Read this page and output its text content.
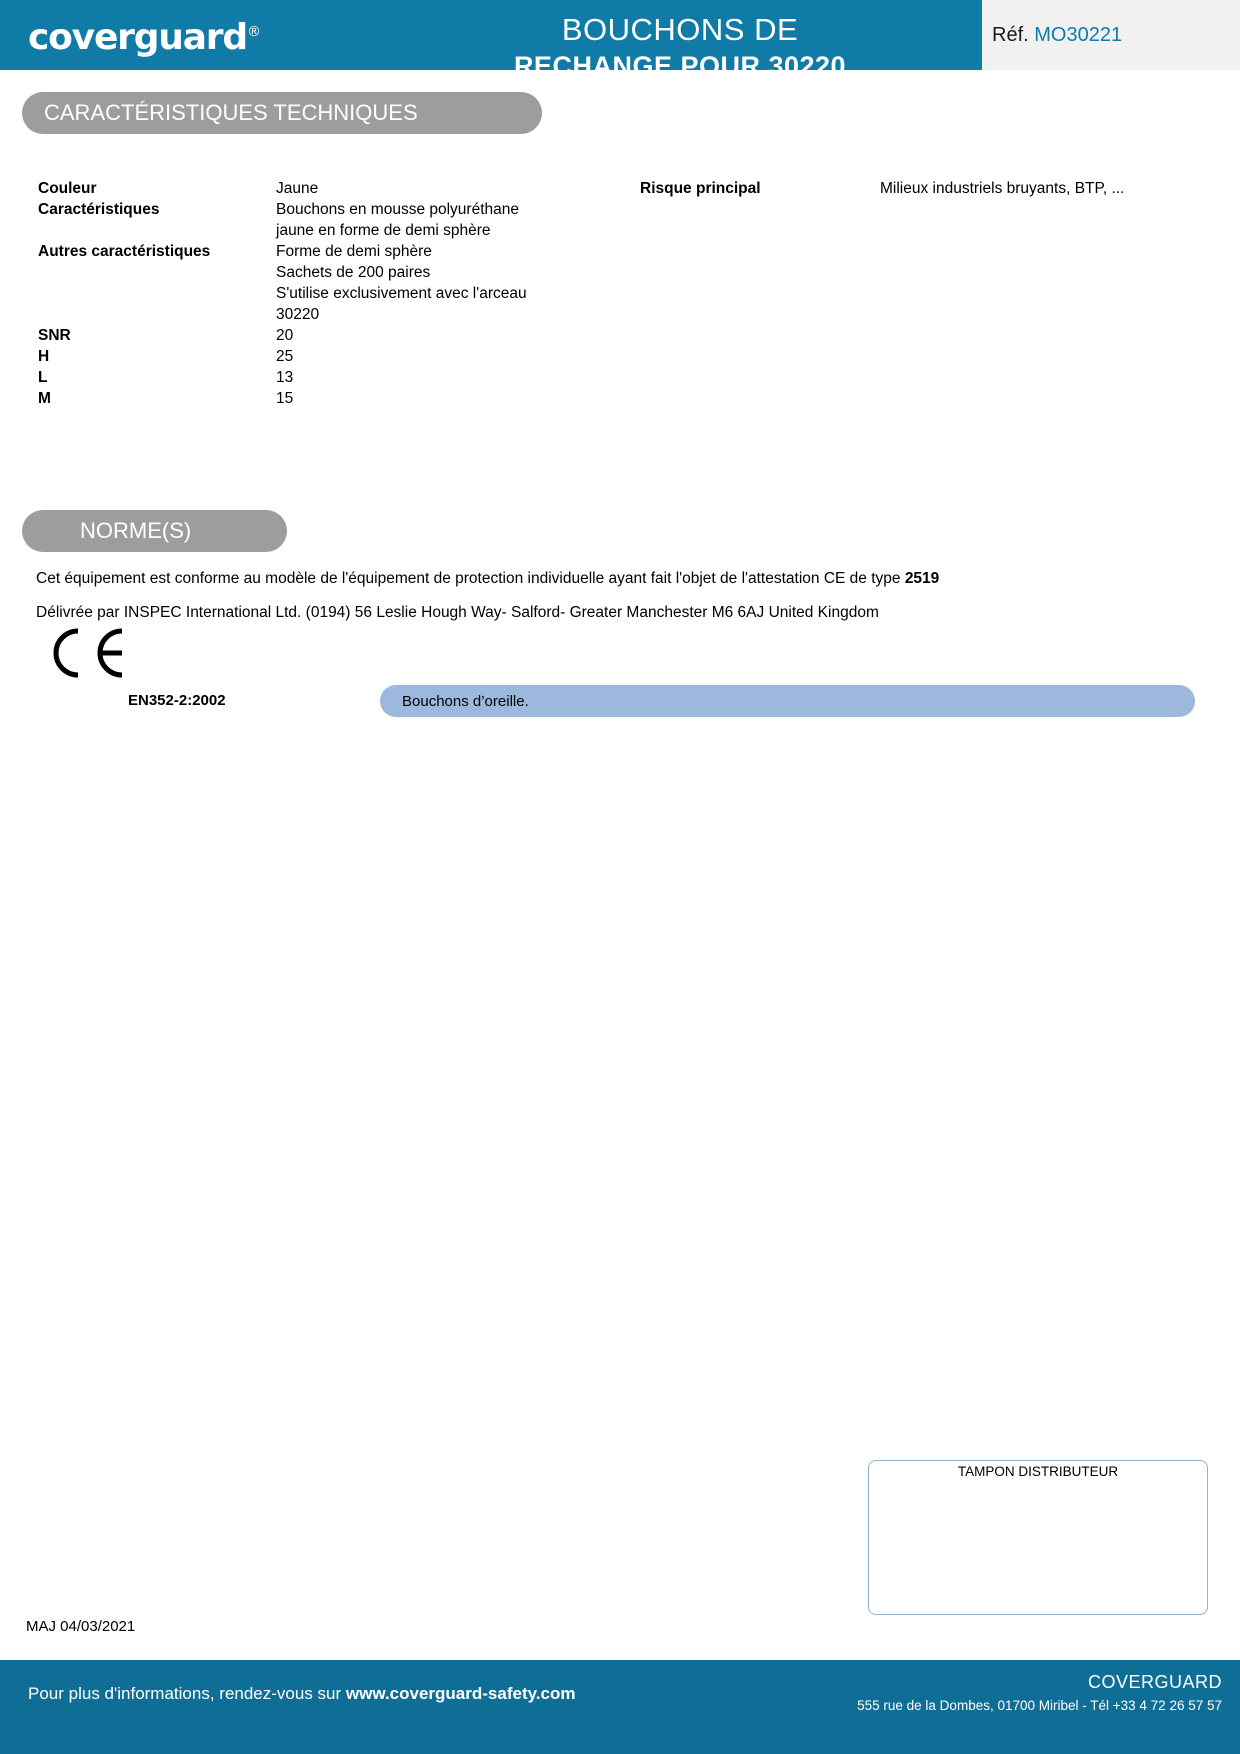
coverguard®	BOUCHONS DE
RECHANGE POUR 30220
Réf. MO30221
CARACTÉRISTIQUES TECHNIQUES
Couleur	Jaune
Caractéristiques	Bouchons en mousse polyuréthane
jaune en forme de demi sphère
Autres caractéristiques	Forme de demi sphère
Sachets de 200 paires
S'utilise exclusivement avec l'arceau
30220
SNR	20
H	25
L	13
M	15
Risque principal	Milieux industriels bruyants, BTP, ...
NORME(S)
Cet équipement est conforme au modèle de l'équipement de protection individuelle ayant fait l'objet de l'attestation CE de type 2519
Délivrée par INSPEC International Ltd. (0194) 56 Leslie Hough Way- Salford- Greater Manchester M6 6AJ United Kingdom
EN352-2:2002	Bouchons d’oreille.
TAMPON DISTRIBUTEUR
MAJ 04/03/2021
Pour plus d'informations, rendez-vous sur www.coverguard-safety.com
COVERGUARD
555 rue de la Dombes, 01700 Miribel - Tél +33 4 72 26 57 57
